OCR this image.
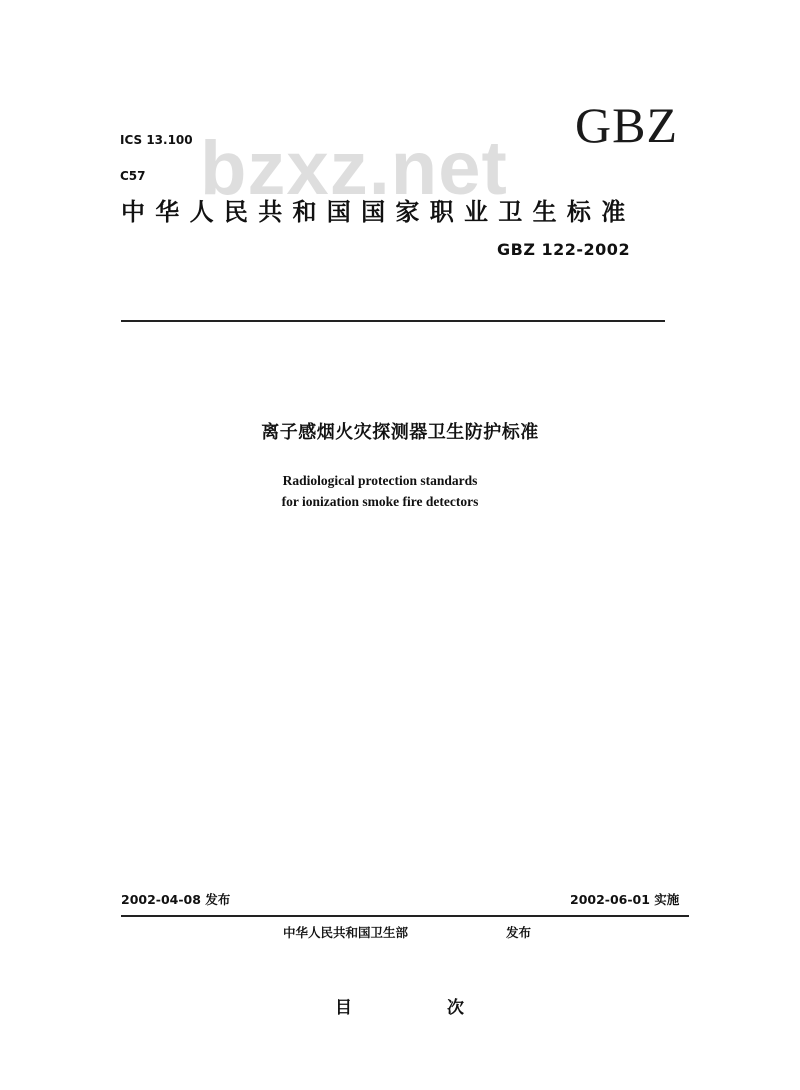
bzxz.net
ICS 13.100
C57
GBZ
中华人民共和国国家职业卫生标准
GBZ 122-2002
离子感烟火灾探测器卫生防护标准
Radiological protection standards
for ionization smoke fire detectors
2002-04-08 发布	2002-06-01 实施
中华人民共和国卫生部	发布
目	次
